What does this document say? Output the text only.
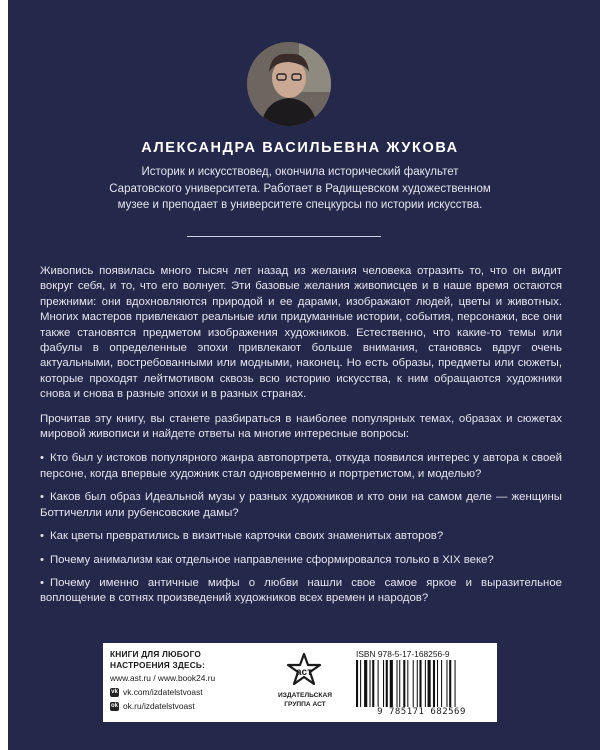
АЛЕКСАНДРА ВАСИЛЬЕВНА ЖУКОВА
Историк и искусствовед, окончила исторический факультет Саратовского университета. Работает в Радищевском художественном музее и преподает в университете спецкурсы по истории искусства.

Живопись появилась много тысяч лет назад из желания человека отразить то, что он видит вокруг себя, и то, что его волнует. Эти базовые желания живописцев и в наше время остаются прежними: они вдохновляются природой и ее дарами, изображают людей, цветы и животных. Многих мастеров привлекают реальные или придуманные истории, события, персонажи, все они также становятся предметом изображения художников. Естественно, что какие-то темы или фабулы в определенные эпохи привлекают больше внимания, становясь вдруг очень актуальными, востребованными или модными, наконец. Но есть образы, предметы или сюжеты, которые проходят лейтмотивом сквозь всю историю искусства, к ним обращаются художники снова и снова в разные эпохи и в разных странах.

Прочитав эту книгу, вы станете разбираться в наиболее популярных темах, образах и сюжетах мировой живописи и найдете ответы на многие интересные вопросы:

• Кто был у истоков популярного жанра автопортрета, откуда появился интерес у автора к своей персоне, когда впервые художник стал одновременно и портретистом, и моделью?

• Каков был образ Идеальной музы у разных художников и кто они на самом деле — женщины Боттичелли или рубенсовские дамы?

• Как цветы превратились в визитные карточки своих знаменитых авторов?

• Почему анимализм как отдельное направление сформировался только в XIX веке?

• Почему именно античные мифы о любви нашли свое самое яркое и выразительное воплощение в сотнях произведений художников всех времен и народов?

КНИГИ ДЛЯ ЛЮБОГО НАСТРОЕНИЯ ЗДЕСЬ:
www.ast.ru / www.book24.ru
vk vk.com/izdatelstvoast
ok ok.ru/izdatelstvoast
аст
ИЗДАТЕЛЬСКАЯ ГРУППА АСТ
ISBN 978-5-17-168256-9
9 785171 682569
